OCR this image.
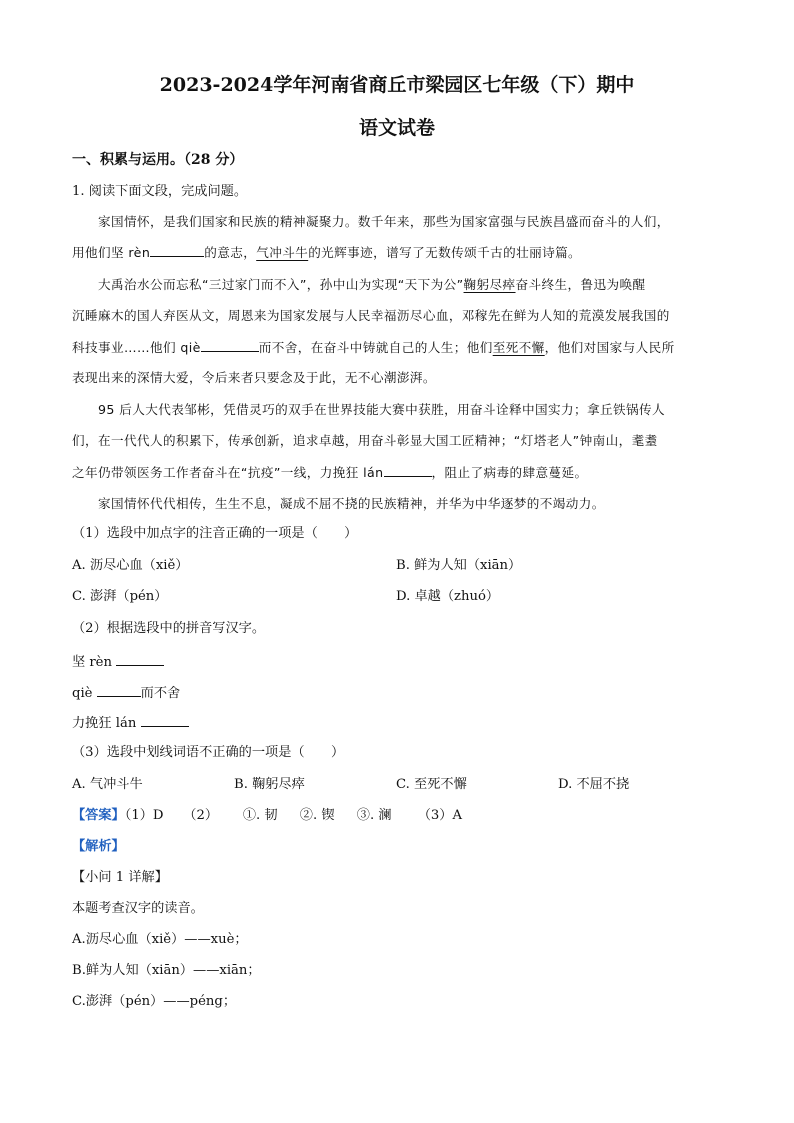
2023-2024学年河南省商丘市梁园区七年级（下）期中
语文试卷
一、积累与运用。（28 分）
1. 阅读下面文段，完成问题。
家国情怀，是我们国家和民族的精神凝聚力。数千年来，那些为国家富强与民族昌盛而奋斗的人们，
用他们坚 rèn	的意志，气冲斗牛的光辉事迹，谱写了无数传颂千古的壮丽诗篇。
大禹治水公而忘私“三过家门而不入”，孙中山为实现“天下为公”鞠躬尽瘁奋斗终生，鲁迅为唤醒
沉睡麻木的国人弃医从文，周恩来为国家发展与人民幸福沥尽心血，邓稼先在鲜为人知的荒漠发展我国的
科技事业……他们 qiè	而不舍，在奋斗中铸就自己的人生；他们至死不懈，他们对国家与人民所
表现出来的深情大爱，令后来者只要念及于此，无不心潮澎湃。
95 后人大代表邹彬，凭借灵巧的双手在世界技能大赛中获胜，用奋斗诠释中国实力；拿丘铁锅传人
们，在一代代人的积累下，传承创新，追求卓越，用奋斗彰显大国工匠精神；“灯塔老人”钟南山，耄耋
之年仍带领医务工作者奋斗在“抗疫”一线，力挽狂 lán	，阻止了病毒的肆意蔓延。
家国情怀代代相传，生生不息，凝成不屈不挠的民族精神，并华为中华逐梦的不竭动力。
（1）选段中加点字的注音正确的一项是（　　）
A. 沥尽心血（xiě）	B. 鲜为人知（xiān）
C. 澎湃（pén）	D. 卓越（zhuó）
（2）根据选段中的拼音写汉字。
坚 rèn
qiè	而不舍
力挽狂 lán
（3）选段中划线词语不正确的一项是（　　）
A. 气冲斗牛	B. 鞠躬尽瘁	C. 至死不懈	D. 不屈不挠
【答案】（1）D　　（2）　 ①. 韧 ②. 锲 ③. 澜 （3）A
【解析】
【小问 1 详解】
本题考查汉字的读音。
A.沥尽心血（xiě）——xuè；
B.鲜为人知（xiān）——xiān；
C.澎湃（pén）——péng；
